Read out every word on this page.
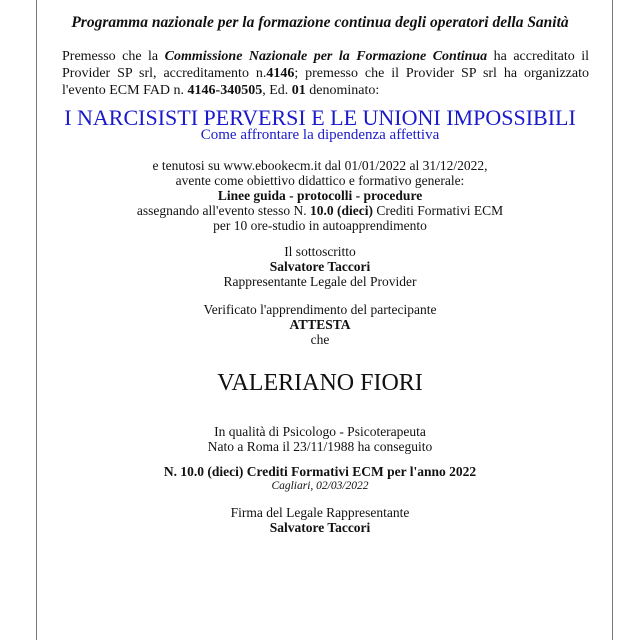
Programma nazionale per la formazione continua degli operatori della Sanità
Premesso che la Commissione Nazionale per la Formazione Continua ha accreditato il Provider SP srl, accreditamento n.4146; premesso che il Provider SP srl ha organizzato l'evento ECM FAD n. 4146-340505, Ed. 01 denominato:
I NARCISISTI PERVERSI E LE UNIONI IMPOSSIBILI
Come affrontare la dipendenza affettiva
e tenutosi su www.ebookecm.it dal 01/01/2022 al 31/12/2022,
avente come obiettivo didattico e formativo generale:
Linee guida - protocolli - procedure
assegnando all'evento stesso N. 10.0 (dieci) Crediti Formativi ECM
per 10 ore-studio in autoapprendimento
Il sottoscritto
Salvatore Taccori
Rappresentante Legale del Provider
Verificato l'apprendimento del partecipante
ATTESTA
che
VALERIANO FIORI
In qualità di Psicologo - Psicoterapeuta
Nato a Roma il 23/11/1988 ha conseguito
N. 10.0 (dieci) Crediti Formativi ECM per l'anno 2022
Cagliari, 02/03/2022
Firma del Legale Rappresentante
Salvatore Taccori
